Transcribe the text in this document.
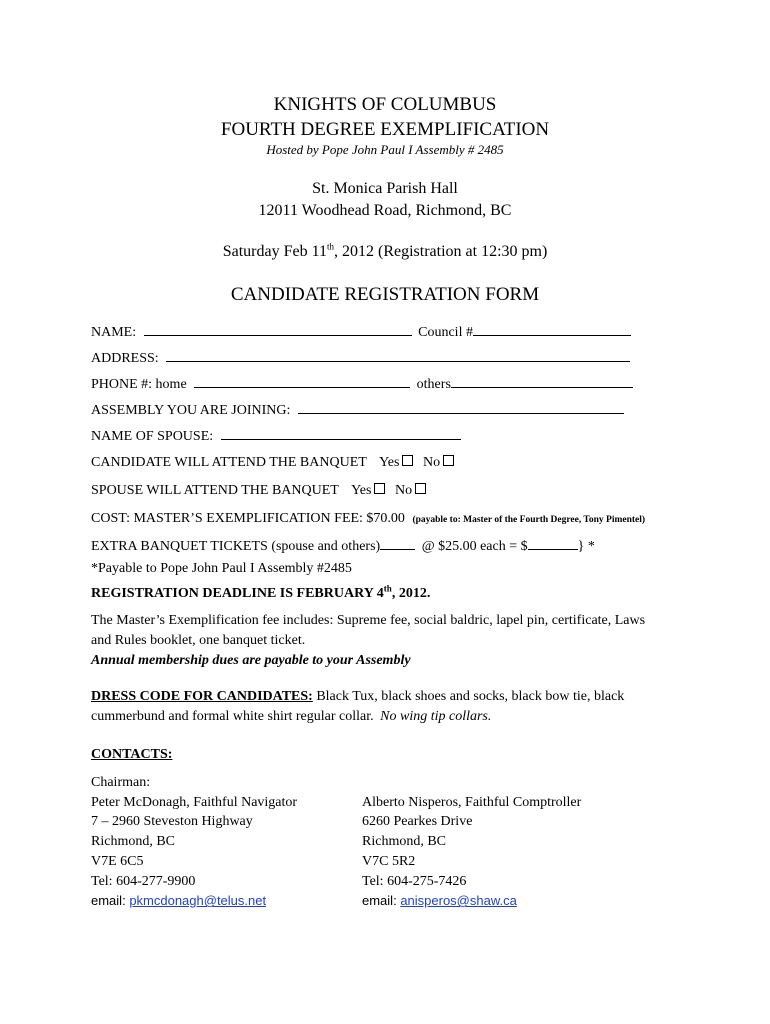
KNIGHTS OF COLUMBUS
FOURTH DEGREE EXEMPLIFICATION
Hosted by Pope John Paul I Assembly # 2485
St. Monica Parish Hall
12011 Woodhead Road, Richmond, BC
Saturday Feb 11th, 2012 (Registration at 12:30 pm)
CANDIDATE REGISTRATION FORM
NAME:	Council #
ADDRESS:
PHONE #: home	others
ASSEMBLY YOU ARE JOINING:
NAME OF SPOUSE:
CANDIDATE WILL ATTEND THE BANQUET Yes No
SPOUSE WILL ATTEND THE BANQUET Yes No
COST: MASTER’S EXEMPLIFICATION FEE: $70.00 (payable to: Master of the Fourth Degree, Tony Pimentel)
EXTRA BANQUET TICKETS (spouse and others)	@ $25.00 each = $	} *
*Payable to Pope John Paul I Assembly #2485
REGISTRATION DEADLINE IS FEBRUARY 4th, 2012.
The Master’s Exemplification fee includes: Supreme fee, social baldric, lapel pin, certificate, Laws
and Rules booklet, one banquet ticket.
Annual membership dues are payable to your Assembly
DRESS CODE FOR CANDIDATES: Black Tux, black shoes and socks, black bow tie, black
cummerbund and formal white shirt regular collar. No wing tip collars.
CONTACTS:
Chairman:
Peter McDonagh, Faithful Navigator
7 – 2960 Steveston Highway
Richmond, BC
V7E 6C5
Tel: 604-277-9900
email: pkmcdonagh@telus.net
Alberto Nisperos, Faithful Comptroller
6260 Pearkes Drive
Richmond, BC
V7C 5R2
Tel: 604-275-7426
email: anisperos@shaw.ca
